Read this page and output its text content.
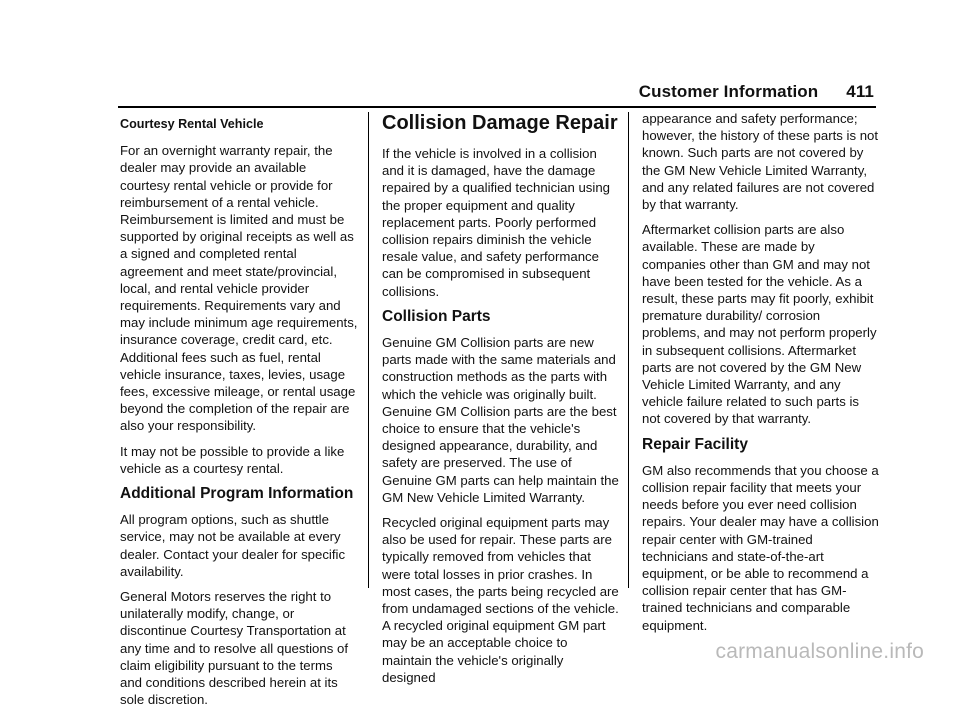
Customer Information 411
Courtesy Rental Vehicle

For an overnight warranty repair, the dealer may provide an available courtesy rental vehicle or provide for reimbursement of a rental vehicle. Reimbursement is limited and must be supported by original receipts as well as a signed and completed rental agreement and meet state/provincial, local, and rental vehicle provider requirements. Requirements vary and may include minimum age requirements, insurance coverage, credit card, etc. Additional fees such as fuel, rental vehicle insurance, taxes, levies, usage fees, excessive mileage, or rental usage beyond the completion of the repair are also your responsibility.

It may not be possible to provide a like vehicle as a courtesy rental.

Additional Program Information

All program options, such as shuttle service, may not be available at every dealer. Contact your dealer for specific availability.

General Motors reserves the right to unilaterally modify, change, or discontinue Courtesy Transportation at any time and to resolve all questions of claim eligibility pursuant to the terms and conditions described herein at its sole discretion.

Collision Damage Repair

If the vehicle is involved in a collision and it is damaged, have the damage repaired by a qualified technician using the proper equipment and quality replacement parts. Poorly performed collision repairs diminish the vehicle resale value, and safety performance can be compromised in subsequent collisions.

Collision Parts

Genuine GM Collision parts are new parts made with the same materials and construction methods as the parts with which the vehicle was originally built. Genuine GM Collision parts are the best choice to ensure that the vehicle's designed appearance, durability, and safety are preserved. The use of Genuine GM parts can help maintain the GM New Vehicle Limited Warranty.

Recycled original equipment parts may also be used for repair. These parts are typically removed from vehicles that were total losses in prior crashes. In most cases, the parts being recycled are from undamaged sections of the vehicle. A recycled original equipment GM part may be an acceptable choice to maintain the vehicle's originally designed

appearance and safety performance; however, the history of these parts is not known. Such parts are not covered by the GM New Vehicle Limited Warranty, and any related failures are not covered by that warranty.

Aftermarket collision parts are also available. These are made by companies other than GM and may not have been tested for the vehicle. As a result, these parts may fit poorly, exhibit premature durability/ corrosion problems, and may not perform properly in subsequent collisions. Aftermarket parts are not covered by the GM New Vehicle Limited Warranty, and any vehicle failure related to such parts is not covered by that warranty.

Repair Facility

GM also recommends that you choose a collision repair facility that meets your needs before you ever need collision repairs. Your dealer may have a collision repair center with GM-trained technicians and state-of-the-art equipment, or be able to recommend a collision repair center that has GM-trained technicians and comparable equipment.

carmanualsonline.info
